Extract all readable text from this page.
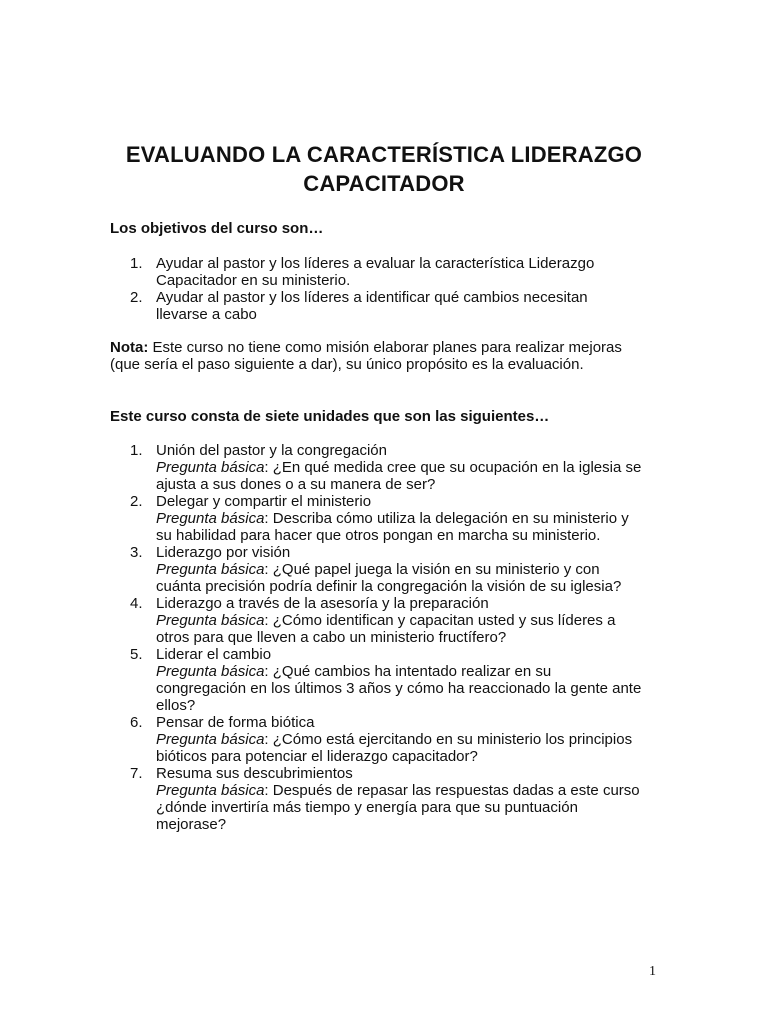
EVALUANDO LA CARACTERÍSTICA LIDERAZGO
CAPACITADOR
Los objetivos del curso son…
1. Ayudar al pastor y los líderes a evaluar la característica Liderazgo
Capacitador en su ministerio.
2. Ayudar al pastor y los líderes a identificar qué cambios necesitan
llevarse a cabo
Nota: Este curso no tiene como misión elaborar planes para realizar mejoras
(que sería el paso siguiente a dar), su único propósito es la evaluación.
Este curso consta de siete unidades que son las siguientes…
1. Unión del pastor y la congregación
Pregunta básica: ¿En qué medida cree que su ocupación en la iglesia se
ajusta a sus dones o a su manera de ser?
2. Delegar y compartir el ministerio
Pregunta básica: Describa cómo utiliza la delegación en su ministerio y
su habilidad para hacer que otros pongan en marcha su ministerio.
3. Liderazgo por visión
Pregunta básica: ¿Qué papel juega la visión en su ministerio y con
cuánta precisión podría definir la congregación la visión de su iglesia?
4. Liderazgo a través de la asesoría y la preparación
Pregunta básica: ¿Cómo identifican y capacitan usted y sus líderes a
otros para que lleven a cabo un ministerio fructífero?
5. Liderar el cambio
Pregunta básica: ¿Qué cambios ha intentado realizar en su
congregación en los últimos 3 años y cómo ha reaccionado la gente ante
ellos?
6. Pensar de forma biótica
Pregunta básica: ¿Cómo está ejercitando en su ministerio los principios
bióticos para potenciar el liderazgo capacitador?
7. Resuma sus descubrimientos
Pregunta básica: Después de repasar las respuestas dadas a este curso
¿dónde invertiría más tiempo y energía para que su puntuación
mejorase?
1
